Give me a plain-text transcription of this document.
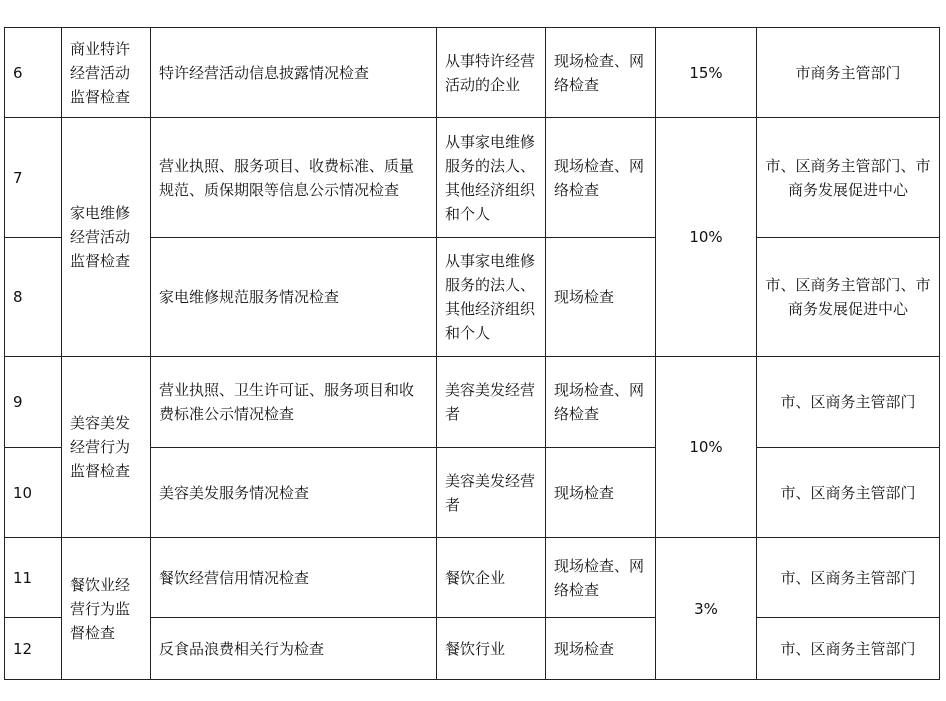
6	商业特许经营活动监督检查	特许经营活动信息披露情况检查	从事特许经营活动的企业	现场检查、网络检查	15%	市商务主管部门
7	家电维修经营活动监督检查	营业执照、服务项目、收费标准、质量规范、质保期限等信息公示情况检查	从事家电维修服务的法人、其他经济组织和个人	现场检查、网络检查	10%	市、区商务主管部门、市商务发展促进中心
8		家电维修规范服务情况检查	从事家电维修服务的法人、其他经济组织和个人	现场检查		市、区商务主管部门、市商务发展促进中心
9	美容美发经营行为监督检查	营业执照、卫生许可证、服务项目和收费标准公示情况检查	美容美发经营者	现场检查、网络检查	10%	市、区商务主管部门
10		美容美发服务情况检查	美容美发经营者	现场检查		市、区商务主管部门
11	餐饮业经营行为监督检查	餐饮经营信用情况检查	餐饮企业	现场检查、网络检查	3%	市、区商务主管部门
12		反食品浪费相关行为检查	餐饮行业	现场检查		市、区商务主管部门
